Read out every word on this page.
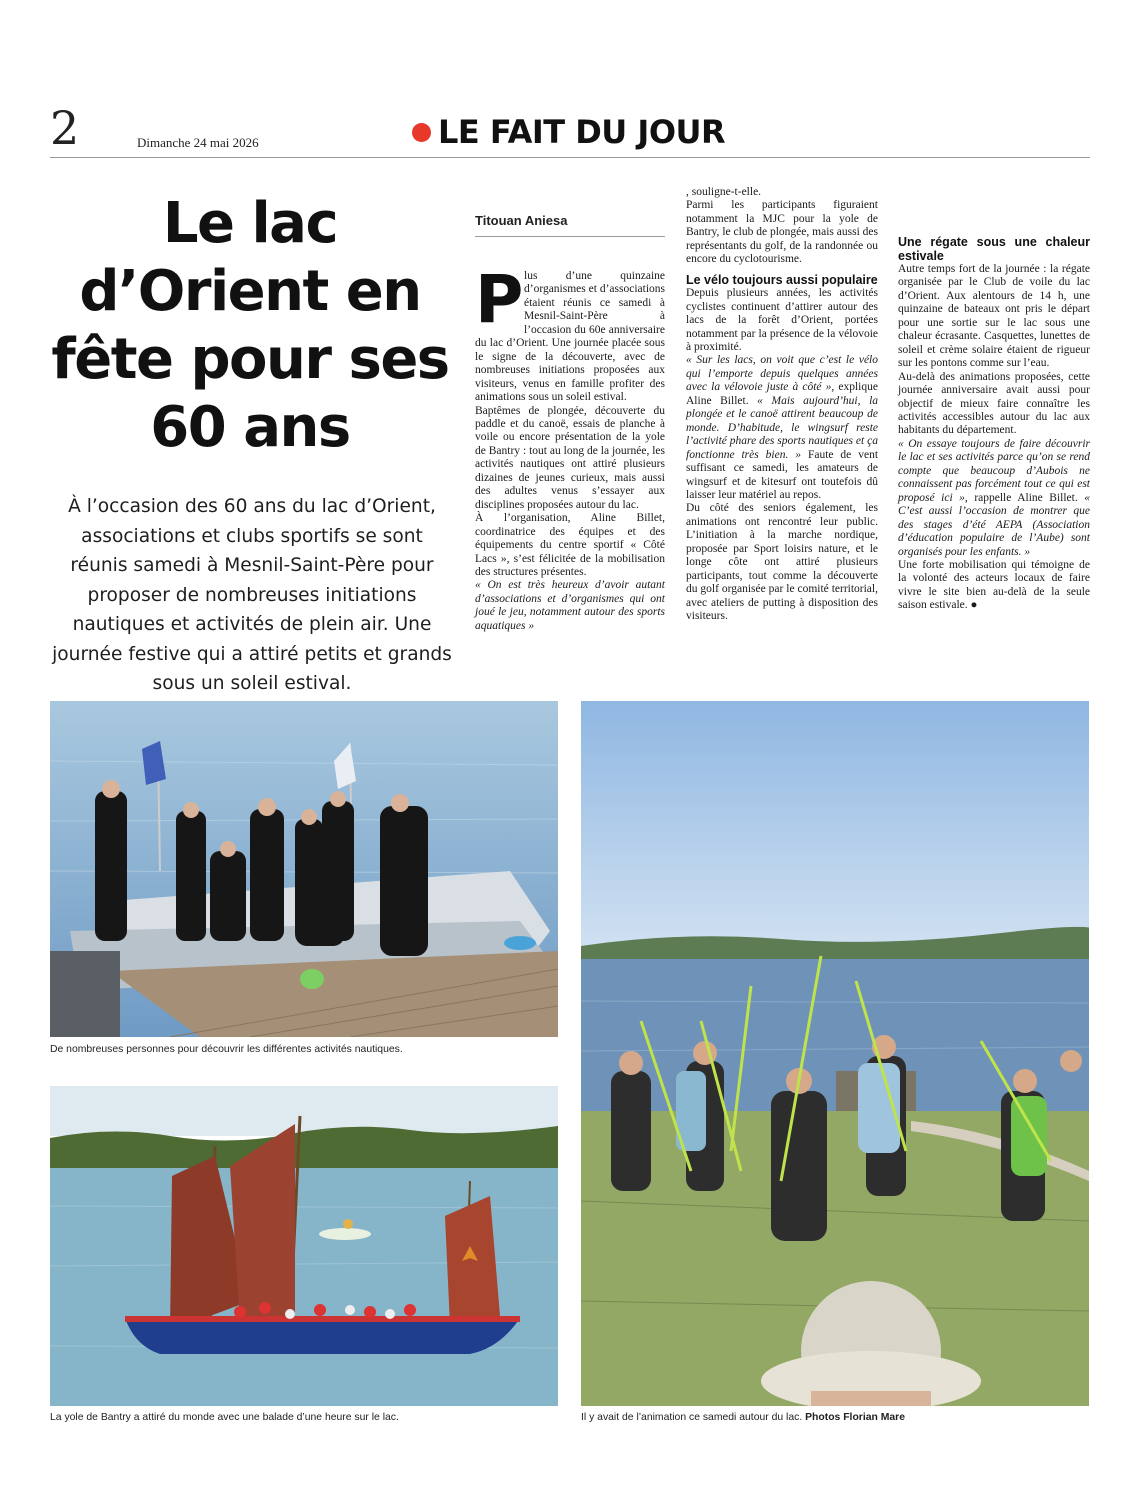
2	Dimanche 24 mai 2026	LE FAIT DU JOUR
Le lac d’Orient en fête pour ses 60 ans

À l’occasion des 60 ans du lac d’Orient, associations et clubs sportifs se sont réunis samedi à Mesnil-Saint-Père pour proposer de nombreuses initiations nautiques et activités de plein air. Une journée festive qui a attiré petits et grands sous un soleil estival.

Titouan Aniesa
P lus d’une quinzaine d’organismes et d’associations étaient réunis ce samedi à Mesnil-Saint-Père à l’occasion du 60e anniversaire du lac d’Orient. Une journée placée sous le signe de la découverte, avec de nombreuses initiations proposées aux visiteurs, venus en famille profiter des animations sous un soleil estival.

Baptêmes de plongée, découverte du paddle et du canoë, essais de planche à voile ou encore présentation de la yole de Bantry : tout au long de la journée, les activités nautiques ont attiré plusieurs dizaines de jeunes curieux, mais aussi des adultes venus s’essayer aux disciplines proposées autour du lac.

À l’organisation, Aline Billet, coordinatrice des équipes et des équipements du centre sportif « Côté Lacs », s’est félicitée de la mobilisation des structures présentes.

« On est très heureux d’avoir autant d’associations et d’organismes qui ont joué le jeu, notamment autour des sports aquatiques »

, souligne-t-elle.

Parmi les participants figuraient notamment la MJC pour la yole de Bantry, le club de plongée, mais aussi des représentants du golf, de la randonnée ou encore du cyclotourisme.

Le vélo toujours aussi populaire

Depuis plusieurs années, les activités cyclistes continuent d’attirer autour des lacs de la forêt d’Orient, portées notamment par la présence de la vélovoie à proximité.

« Sur les lacs, on voit que c’est le vélo qui l’emporte depuis quelques années avec la vélovoie juste à côté », explique Aline Billet. « Mais aujourd’hui, la plongée et le canoë attirent beaucoup de monde. D’habitude, le wingsurf reste l’activité phare des sports nautiques et ça fonctionne très bien. » Faute de vent suffisant ce samedi, les amateurs de wingsurf et de kitesurf ont toutefois dû laisser leur matériel au repos.

Du côté des seniors également, les animations ont rencontré leur public. L’initiation à la marche nordique, proposée par Sport loisirs nature, et le longe côte ont attiré plusieurs participants, tout comme la découverte du golf organisée par le comité territorial, avec ateliers de putting à disposition des visiteurs.

Une régate sous une chaleur estivale

Autre temps fort de la journée : la régate organisée par le Club de voile du lac d’Orient. Aux alentours de 14 h, une quinzaine de bateaux ont pris le départ pour une sortie sur le lac sous une chaleur écrasante. Casquettes, lunettes de soleil et crème solaire étaient de rigueur sur les pontons comme sur l’eau.

Au-delà des animations proposées, cette journée anniversaire avait aussi pour objectif de mieux faire connaître les activités accessibles autour du lac aux habitants du département.

« On essaye toujours de faire découvrir le lac et ses activités parce qu’on se rend compte que beaucoup d’Aubois ne connaissent pas forcément tout ce qui est proposé ici », rappelle Aline Billet. « C’est aussi l’occasion de montrer que des stages d’été AEPA (Association d’éducation populaire de l’Aube) sont organisés pour les enfants. »

Une forte mobilisation qui témoigne de la volonté des acteurs locaux de faire vivre le site bien au-delà de la seule saison estivale. ●

De nombreuses personnes pour découvrir les différentes activités nautiques.
La yole de Bantry a attiré du monde avec une balade d’une heure sur le lac.	Il y avait de l’animation ce samedi autour du lac. Photos Florian Mare
